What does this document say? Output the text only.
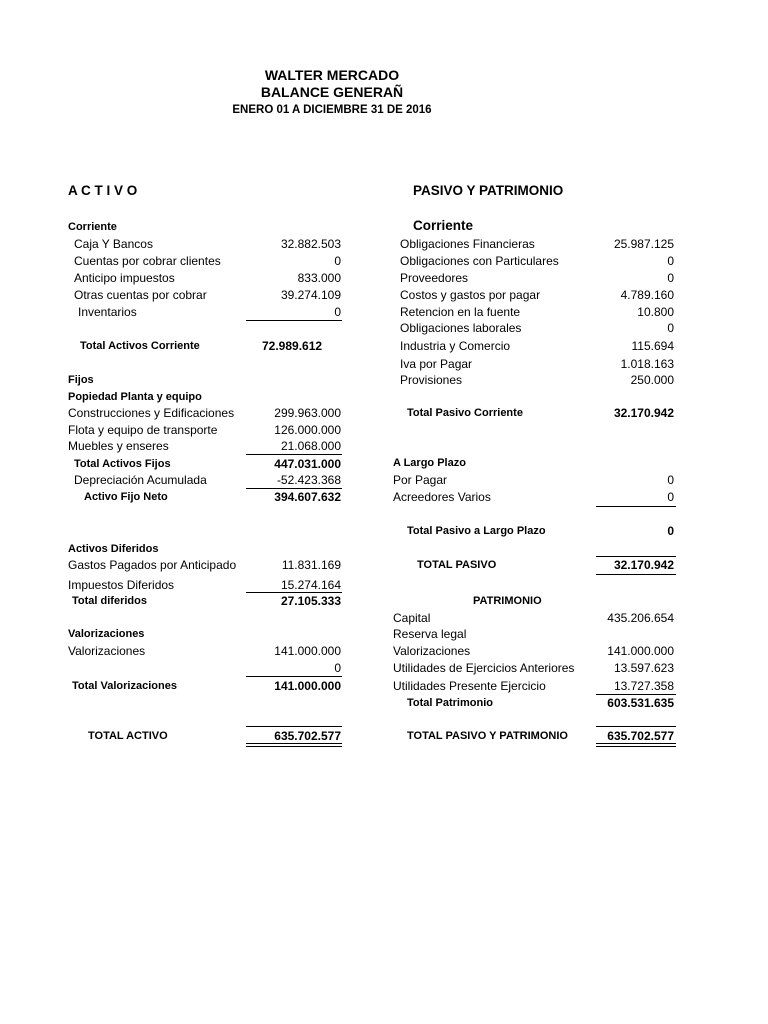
WALTER MERCADO
BALANCE GENERAÑ
ENERO 01 A DICIEMBRE 31 DE 2016
A C T I V O	PASIVO Y PATRIMONIO
Corriente
Caja Y Bancos	32.882.503
Cuentas por cobrar clientes	0
Anticipo impuestos	833.000
Otras cuentas por cobrar	39.274.109
Inventarios	0
Total Activos Corriente	72.989.612
Fijos
Popiedad Planta y equipo
Construcciones y Edificaciones	299.963.000
Flota y equipo de transporte	126.000.000
Muebles y enseres	21.068.000
Total Activos Fijos	447.031.000
Depreciación Acumulada	-52.423.368
Activo Fijo Neto	394.607.632
Activos Diferidos
Gastos Pagados por Anticipado	11.831.169
Impuestos Diferidos	15.274.164
Total diferidos	27.105.333
Valorizaciones
Valorizaciones	141.000.000
0
Total Valorizaciones	141.000.000
TOTAL ACTIVO	635.702.577
Corriente
Obligaciones Financieras	25.987.125
Obligaciones con Particulares	0
Proveedores	0
Costos y gastos por pagar	4.789.160
Retencion en la fuente	10.800
Obligaciones laborales	0
Industria y Comercio	115.694
Iva por Pagar	1.018.163
Provisiones	250.000
Total Pasivo Corriente	32.170.942
A Largo Plazo
Por Pagar	0
Acreedores Varios	0
Total Pasivo a Largo Plazo	0
TOTAL PASIVO	32.170.942
PATRIMONIO
Capital	435.206.654
Reserva legal
Valorizaciones	141.000.000
Utilidades de Ejercicios Anteriores	13.597.623
Utilidades Presente Ejercicio	13.727.358
Total Patrimonio	603.531.635
TOTAL PASIVO Y PATRIMONIO	635.702.577
